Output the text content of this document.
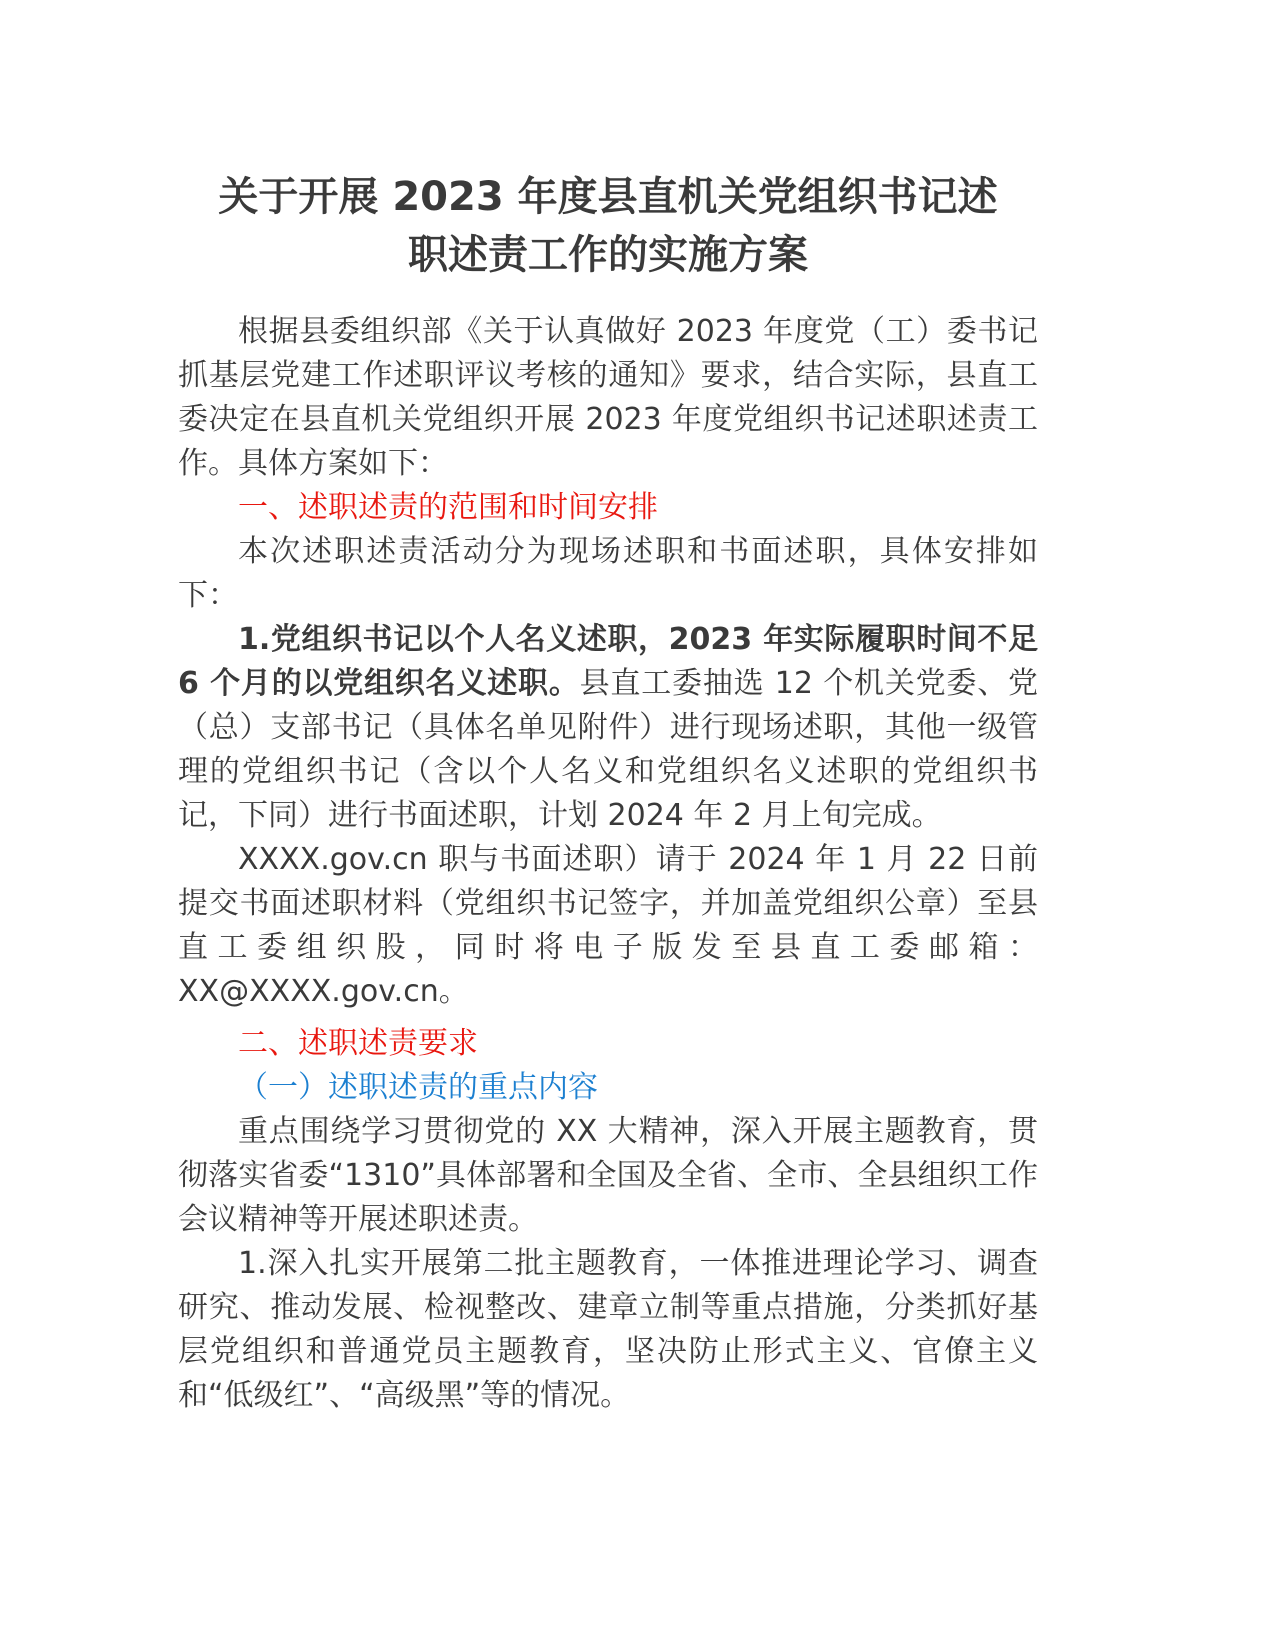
关于开展 2023 年度县直机关党组织书记述
职述责工作的实施方案

根据县委组织部《关于认真做好 2023 年度党（工）委书记抓基层党建工作述职评议考核的通知》要求，结合实际，县直工委决定在县直机关党组织开展 2023 年度党组织书记述职述责工作。具体方案如下：

一、述职述责的范围和时间安排

本次述职述责活动分为现场述职和书面述职，具体安排如下：

1.党组织书记以个人名义述职，2023 年实际履职时间不足 6 个月的以党组织名义述职。县直工委抽选 12 个机关党委、党（总）支部书记（具体名单见附件）进行现场述职，其他一级管理的党组织书记（含以个人名义和党组织名义述职的党组织书记，下同）进行书面述职，计划 2024 年 2 月上旬完成。

XXXX.gov.cn 职与书面述职）请于 2024 年 1 月 22 日前提交书面述职材料（党组织书记签字，并加盖党组织公章）至县直工委组织股，同时将电子版发至县直工委邮箱：XX@XXXX.gov.cn。

二、述职述责要求

（一）述职述责的重点内容

重点围绕学习贯彻党的 XX 大精神，深入开展主题教育，贯彻落实省委“1310”具体部署和全国及全省、全市、全县组织工作会议精神等开展述职述责。

1.深入扎实开展第二批主题教育，一体推进理论学习、调查研究、推动发展、检视整改、建章立制等重点措施，分类抓好基层党组织和普通党员主题教育，坚决防止形式主义、官僚主义和“低级红”、“高级黑”等的情况。
